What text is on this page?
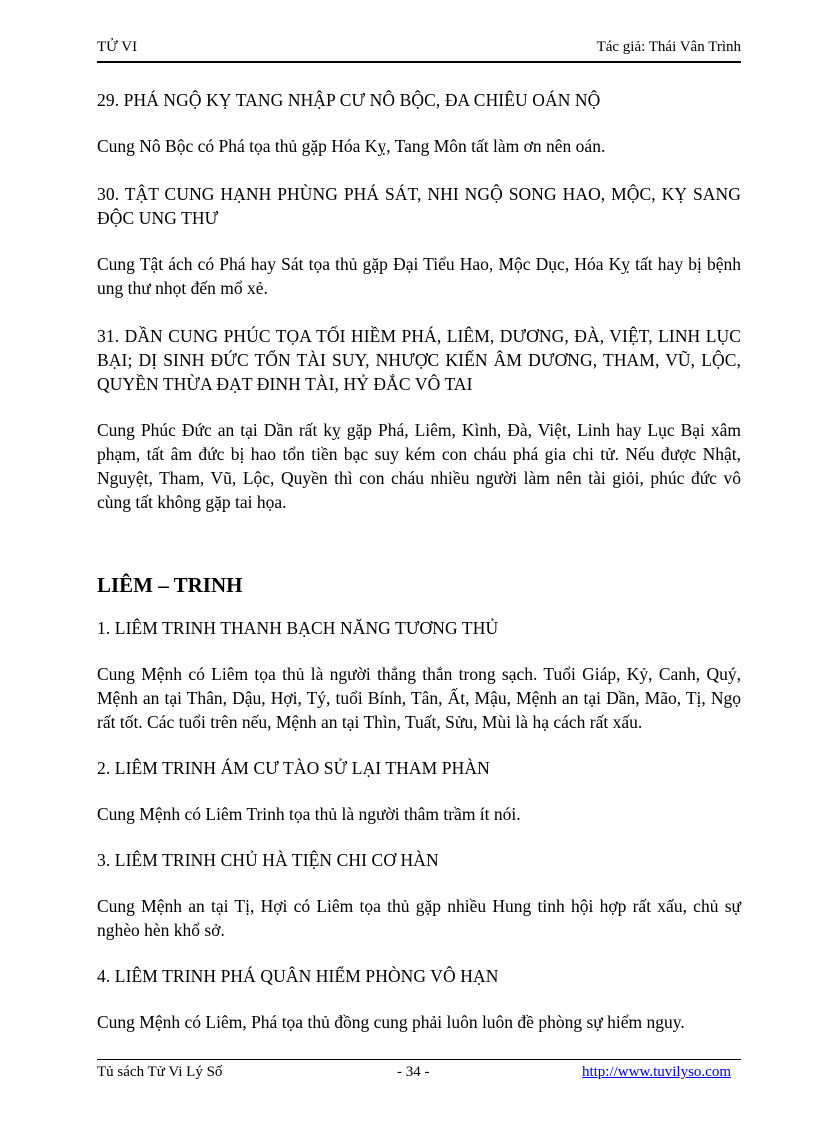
TỬ VI	Tác giả: Thái Vân Trình

29. PHÁ NGỘ KỴ TANG NHẬP CƯ NÔ BỘC, ĐA CHIÊU OÁN NỘ

Cung Nô Bộc có Phá tọa thủ gặp Hóa Kỵ, Tang Môn tất làm ơn nên oán.

30. TẬT CUNG HẠNH PHÙNG PHÁ SÁT, NHI NGỘ SONG HAO, MỘC, KỴ SANG ĐỘC UNG THƯ

Cung Tật ách có Phá hay Sát tọa thủ gặp Đại Tiểu Hao, Mộc Dục, Hóa Kỵ tất hay bị bệnh ung thư nhọt đến mổ xẻ.

31. DẦN CUNG PHÚC TỌA TỐI HIỀM PHÁ, LIÊM, DƯƠNG, ĐÀ, VIỆT, LINH LỤC BẠI; DỊ SINH ĐỨC TỔN TÀI SUY, NHƯỢC KIẾN ÂM DƯƠNG, THAM, VŨ, LỘC, QUYỀN THỪA ĐẠT ĐINH TÀI, HỶ ĐẮC VÔ TAI

Cung Phúc Đức an tại Dần rất kỵ gặp Phá, Liêm, Kình, Đà, Việt, Linh hay Lục Bại xâm phạm, tất âm đức bị hao tổn tiền bạc suy kém con cháu phá gia chi tử. Nếu được Nhật, Nguyệt, Tham, Vũ, Lộc, Quyền thì con cháu nhiều người làm nên tài giỏi, phúc đức vô cùng tất không gặp tai họa.

LIÊM – TRINH

1. LIÊM TRINH THANH BẠCH NĂNG TƯƠNG THỦ

Cung Mệnh có Liêm tọa thủ là người thẳng thắn trong sạch. Tuổi Giáp, Kỷ, Canh, Quý, Mệnh an tại Thân, Dậu, Hợi, Tý, tuổi Bính, Tân, Ất, Mậu, Mệnh an tại Dần, Mão, Tị, Ngọ rất tốt. Các tuổi trên nếu, Mệnh an tại Thìn, Tuất, Sửu, Mùi là hạ cách rất xấu.

2. LIÊM TRINH ÁM CƯ TÀO SỬ LẠI THAM PHÀN

Cung Mệnh có Liêm Trinh tọa thủ là người thâm trầm ít nói.

3. LIÊM TRINH CHỦ HÀ TIỆN CHI CƠ HÀN

Cung Mệnh an tại Tị, Hợi có Liêm tọa thủ gặp nhiều Hung tinh hội hợp rất xấu, chủ sự nghèo hèn khổ sở.

4. LIÊM TRINH PHÁ QUÂN HIỂM PHÒNG VÔ HẠN

Cung Mệnh có Liêm, Phá tọa thủ đồng cung phải luôn luôn đề phòng sự hiểm nguy.

Tủ sách Tử Vi Lý Số	- 34 -	http://www.tuvilyso.com
